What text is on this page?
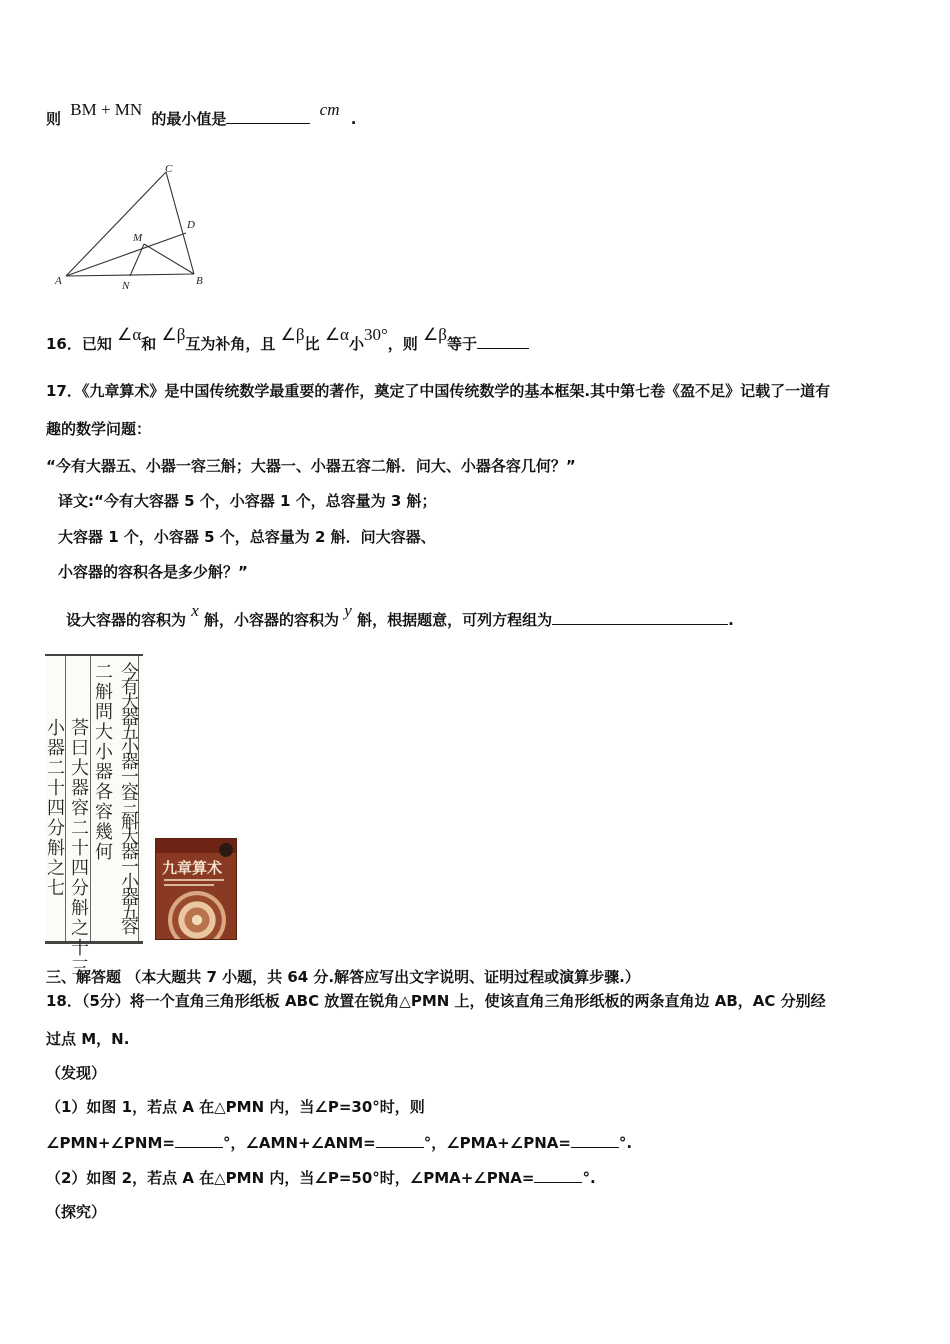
则 BM + MN 的最小值是	cm .
C
D
M
A	N	B
16．已知 ∠α和 ∠β互为补角，且 ∠β比 ∠α小30°，则 ∠β等于
17．《九章算术》是中国传统数学最重要的著作，奠定了中国传统数学的基本框架.其中第七卷《盈不足》记载了一道有
趣的数学问题：
“今有大器五、小器一容三斛；大器一、小器五容二斛．问大、小器各容几何？”
译文:“今有大容器 5 个，小容器 1 个，总容量为 3 斛；
大容器 1 个，小容器 5 个，总容量为 2 斛．问大容器、
小容器的容积各是多少斛？”
设大容器的容积为 x 斛，小容器的容积为 y 斛，根据题意，可列方程组为	.
今有大器五小器一容三斛大器一小器五容
二斛問大小器各容幾何
荅曰大器容二十四分斛之十三
小器二十四分斛之七	九章算术
三、解答题 （本大题共 7 小题，共 64 分.解答应写出文字说明、证明过程或演算步骤.）
18．（5分）将一个直角三角形纸板 ABC 放置在锐角△PMN 上，使该直角三角形纸板的两条直角边 AB，AC 分别经
过点 M，N.
（发现）
（1）如图 1，若点 A 在△PMN 内，当∠P=30°时，则
∠PMN+∠PNM=	°，∠AMN+∠ANM=	°，∠PMA+∠PNA=	°.
（2）如图 2，若点 A 在△PMN 内，当∠P=50°时，∠PMA+∠PNA=	°.
（探究）
